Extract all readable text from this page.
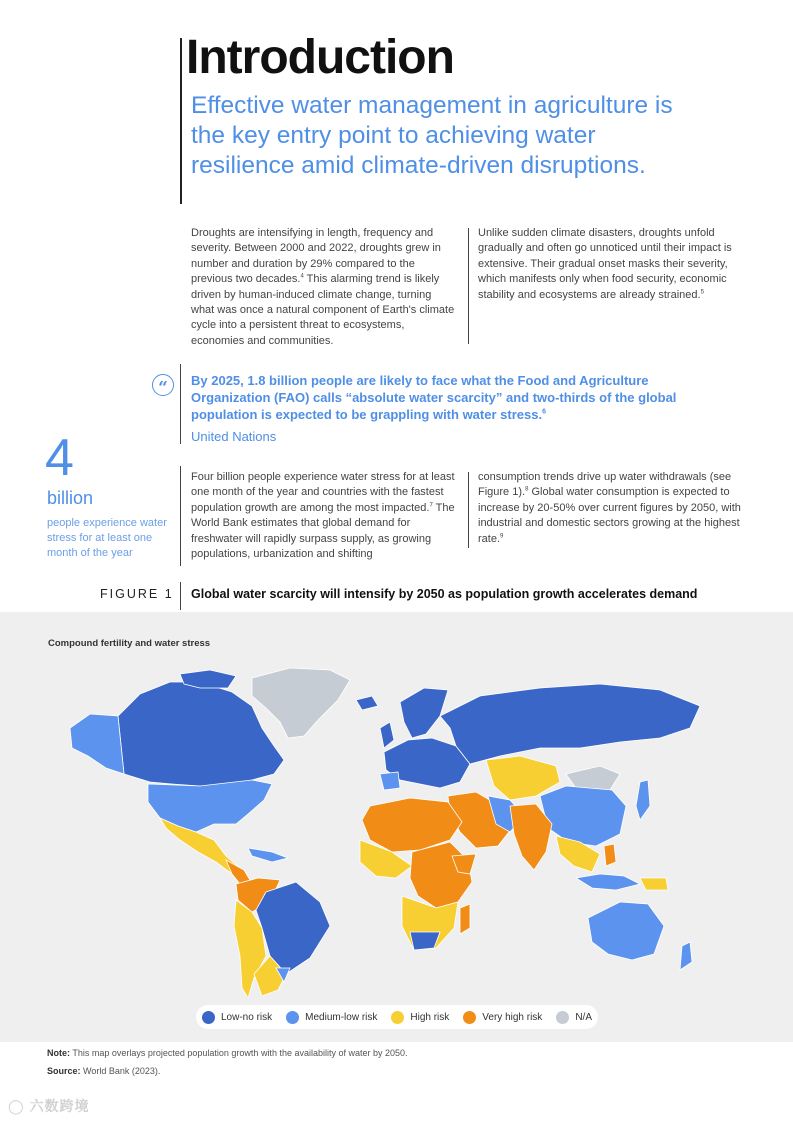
Introduction

Effective water management in agriculture is the key entry point to achieving water resilience amid climate-driven disruptions.

Droughts are intensifying in length, frequency and severity. Between 2000 and 2022, droughts grew in number and duration by 29% compared to the previous two decades.$^4$ This alarming trend is likely driven by human-induced climate change, turning what was once a natural component of Earth's climate cycle into a persistent threat to ecosystems, economies and communities.
Unlike sudden climate disasters, droughts unfold gradually and often go unnoticed until their impact is extensive. Their gradual onset masks their severity, which manifests only when food security, economic stability and ecosystems are already strained.$^5$
“	By 2025, 1.8 billion people are likely to face what the Food and Agriculture Organization (FAO) calls “absolute water scarcity” and two-thirds of the global population is expected to be grappling with water stress.$^6$

United Nations

4
billion
people experience water stress for at least one month of the year
Four billion people experience water stress for at least one month of the year and countries with the fastest population growth are among the most impacted.$^7$ The World Bank estimates that global demand for freshwater will rapidly surpass supply, as growing populations, urbanization and shifting
consumption trends drive up water withdrawals (see Figure 1).$^8$ Global water consumption is expected to increase by 20-50% over current figures by 2050, with industrial and domestic sectors growing at the highest rate.$^9$
FIGURE 1 Global water scarcity will intensify by 2050 as population growth accelerates demand
Compound fertility and water stress
Low-no risk	Medium-low risk	High risk	Very high risk	N/A

Note: This map overlays projected population growth with the availability of water by 2050.

Source: World Bank (2023).

◯︎ 六数跨境
